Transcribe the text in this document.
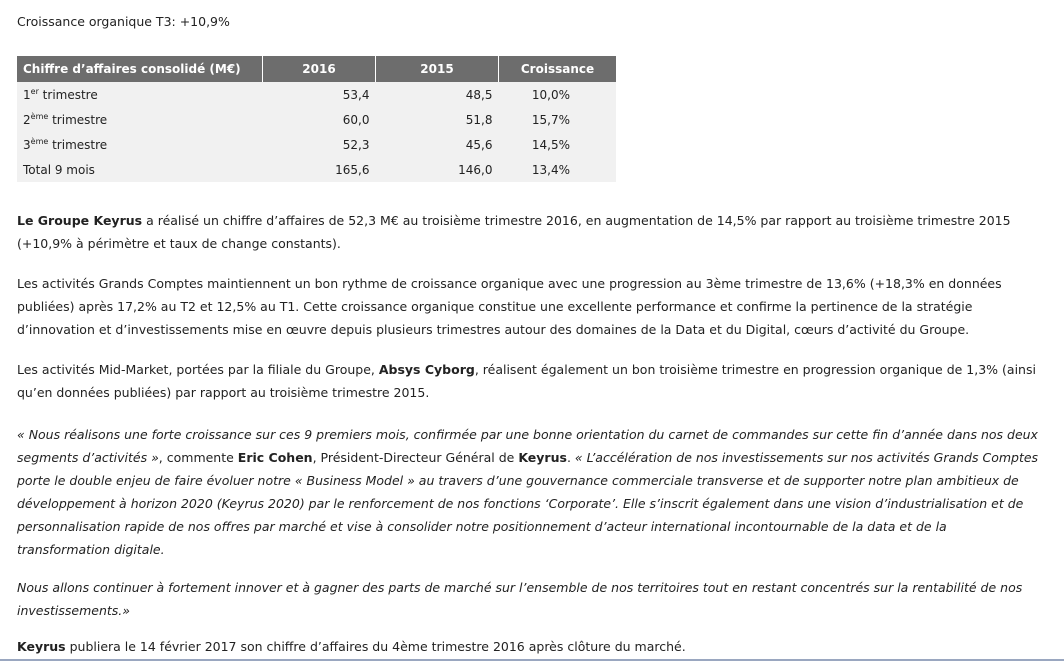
Croissance organique T3: +10,9%
Chiffre d’affaires consolidé (M€)	2016	2015	Croissance
1er trimestre	53,4	48,5	10,0%
2ème trimestre	60,0	51,8	15,7%
3ème trimestre	52,3	45,6	14,5%
Total 9 mois	165,6	146,0	13,4%
Le Groupe Keyrus a réalisé un chiffre d’affaires de 52,3 M€ au troisième trimestre 2016, en augmentation de 14,5% par rapport au troisième trimestre 2015 (+10,9% à périmètre et taux de change constants).
Les activités Grands Comptes maintiennent un bon rythme de croissance organique avec une progression au 3ème trimestre de 13,6% (+18,3% en données publiées) après 17,2% au T2 et 12,5% au T1. Cette croissance organique constitue une excellente performance et confirme la pertinence de la stratégie d’innovation et d’investissements mise en œuvre depuis plusieurs trimestres autour des domaines de la Data et du Digital, cœurs d’activité du Groupe.
Les activités Mid-Market, portées par la filiale du Groupe, Absys Cyborg, réalisent également un bon troisième trimestre en progression organique de 1,3% (ainsi qu’en données publiées) par rapport au troisième trimestre 2015.
« Nous réalisons une forte croissance sur ces 9 premiers mois, confirmée par une bonne orientation du carnet de commandes sur cette fin d’année dans nos deux segments d’activités », commente Eric Cohen, Président-Directeur Général de Keyrus. « L’accélération de nos investissements sur nos activités Grands Comptes porte le double enjeu de faire évoluer notre « Business Model » au travers d’une gouvernance commerciale transverse et de supporter notre plan ambitieux de développement à horizon 2020 (Keyrus 2020) par le renforcement de nos fonctions ‘Corporate’. Elle s’inscrit également dans une vision d’industrialisation et de personnalisation rapide de nos offres par marché et vise à consolider notre positionnement d’acteur international incontournable de la data et de la transformation digitale.
Nous allons continuer à fortement innover et à gagner des parts de marché sur l’ensemble de nos territoires tout en restant concentrés sur la rentabilité de nos investissements.»
Keyrus publiera le 14 février 2017 son chiffre d’affaires du 4ème trimestre 2016 après clôture du marché.
